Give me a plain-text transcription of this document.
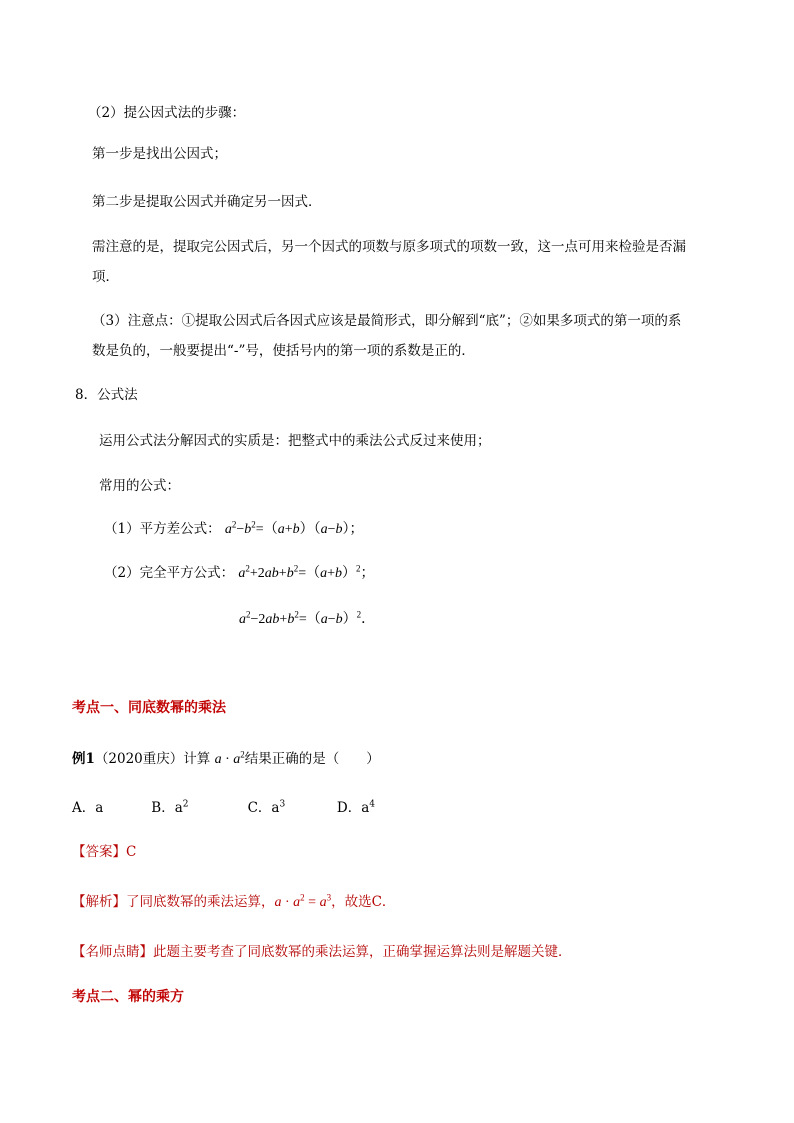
（2）提公因式法的步骤：
第一步是找出公因式；
第二步是提取公因式并确定另一因式．
需注意的是，提取完公因式后，另一个因式的项数与原多项式的项数一致，这一点可用来检验是否漏
项．
（3）注意点：①提取公因式后各因式应该是最简形式，即分解到“底”；②如果多项式的第一项的系
数是负的，一般要提出“-”号，使括号内的第一项的系数是正的．
8．公式法
运用公式法分解因式的实质是：把整式中的乘法公式反过来使用；
常用的公式：
（1）平方差公式： $a^2-b^2=(a+b)(a-b)$；
（2）完全平方公式： $a^2+2ab+b^2=(a+b)^2$；
$a^2-2ab+b^2=(a-b)^2$．
考点一、同底数幂的乘法
例1（2020重庆）计算 $a \cdot a^2$结果正确的是（　　）
A．a	B．$a^2$	C．$a^3$	D．$a^4$
【答案】C
【解析】了同底数幂的乘法运算，$a \cdot a^2 = a^3$，故选C．
【名师点睛】此题主要考查了同底数幂的乘法运算，正确掌握运算法则是解题关键．
考点二、幂的乘方
